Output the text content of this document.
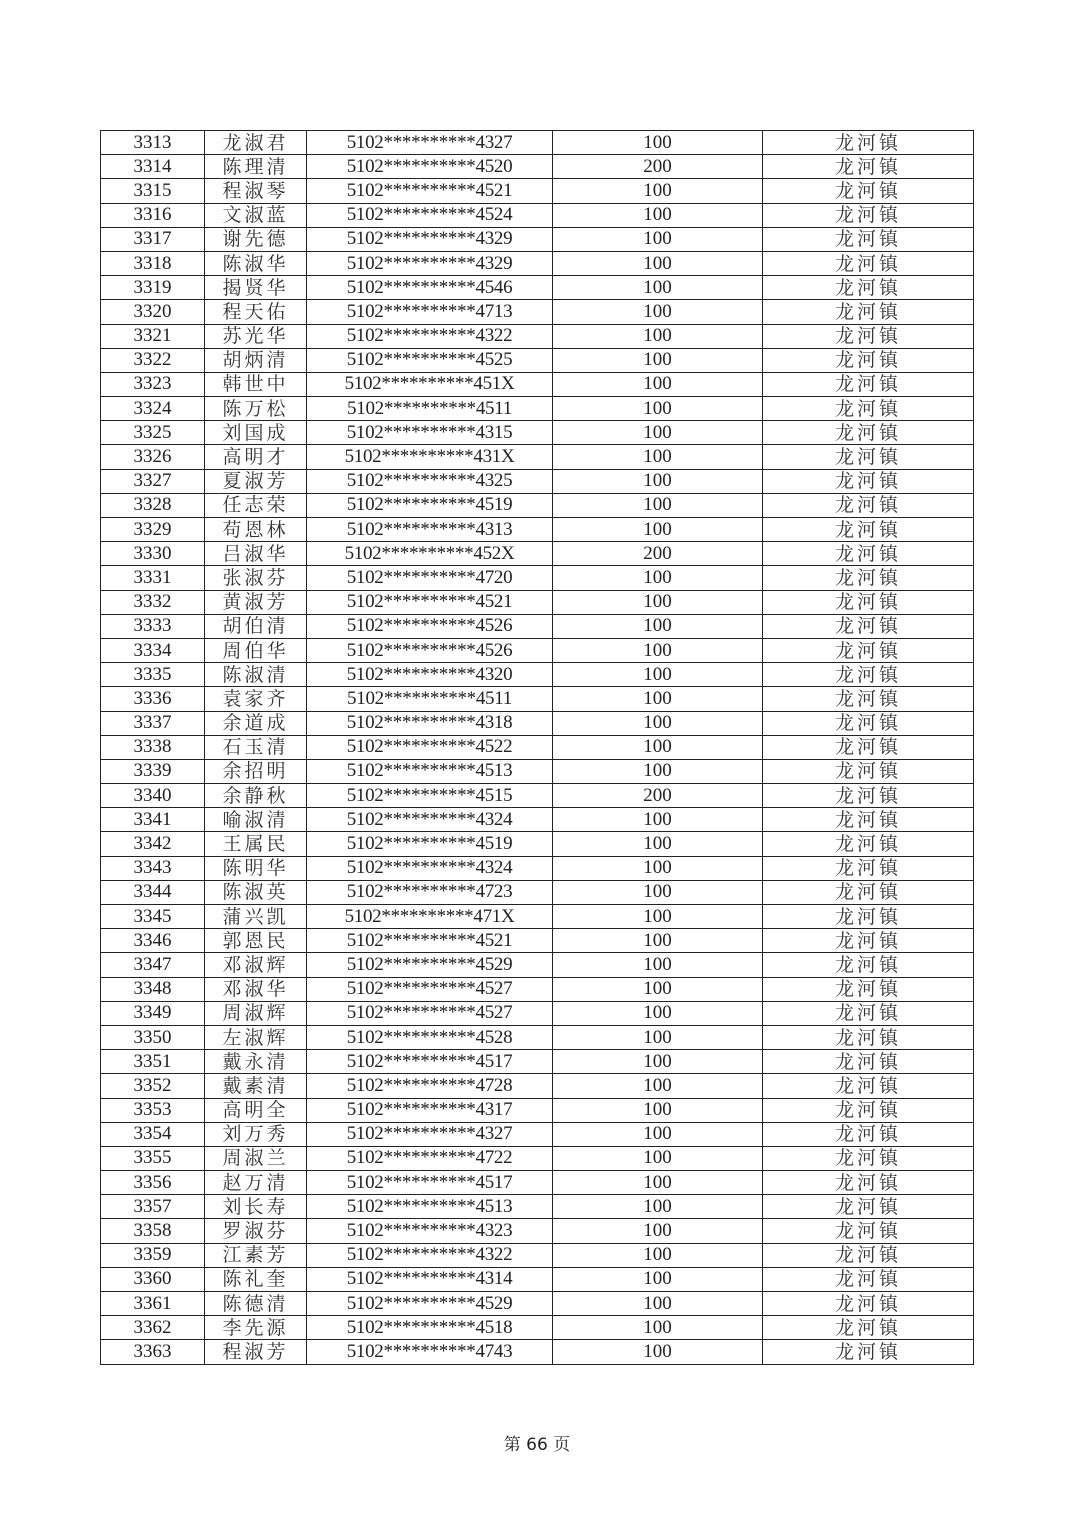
3313	龙淑君	5102**********4327	100	龙河镇
3314	陈理清	5102**********4520	200	龙河镇
3315	程淑琴	5102**********4521	100	龙河镇
3316	文淑蓝	5102**********4524	100	龙河镇
3317	谢先德	5102**********4329	100	龙河镇
3318	陈淑华	5102**********4329	100	龙河镇
3319	揭贤华	5102**********4546	100	龙河镇
3320	程天佑	5102**********4713	100	龙河镇
3321	苏光华	5102**********4322	100	龙河镇
3322	胡炳清	5102**********4525	100	龙河镇
3323	韩世中	5102**********451X	100	龙河镇
3324	陈万松	5102**********4511	100	龙河镇
3325	刘国成	5102**********4315	100	龙河镇
3326	高明才	5102**********431X	100	龙河镇
3327	夏淑芳	5102**********4325	100	龙河镇
3328	任志荣	5102**********4519	100	龙河镇
3329	苟恩林	5102**********4313	100	龙河镇
3330	吕淑华	5102**********452X	200	龙河镇
3331	张淑芬	5102**********4720	100	龙河镇
3332	黄淑芳	5102**********4521	100	龙河镇
3333	胡伯清	5102**********4526	100	龙河镇
3334	周伯华	5102**********4526	100	龙河镇
3335	陈淑清	5102**********4320	100	龙河镇
3336	袁家齐	5102**********4511	100	龙河镇
3337	余道成	5102**********4318	100	龙河镇
3338	石玉清	5102**********4522	100	龙河镇
3339	余招明	5102**********4513	100	龙河镇
3340	余静秋	5102**********4515	200	龙河镇
3341	喻淑清	5102**********4324	100	龙河镇
3342	王属民	5102**********4519	100	龙河镇
3343	陈明华	5102**********4324	100	龙河镇
3344	陈淑英	5102**********4723	100	龙河镇
3345	蒲兴凯	5102**********471X	100	龙河镇
3346	郭恩民	5102**********4521	100	龙河镇
3347	邓淑辉	5102**********4529	100	龙河镇
3348	邓淑华	5102**********4527	100	龙河镇
3349	周淑辉	5102**********4527	100	龙河镇
3350	左淑辉	5102**********4528	100	龙河镇
3351	戴永清	5102**********4517	100	龙河镇
3352	戴素清	5102**********4728	100	龙河镇
3353	高明全	5102**********4317	100	龙河镇
3354	刘万秀	5102**********4327	100	龙河镇
3355	周淑兰	5102**********4722	100	龙河镇
3356	赵万清	5102**********4517	100	龙河镇
3357	刘长寿	5102**********4513	100	龙河镇
3358	罗淑芬	5102**********4323	100	龙河镇
3359	江素芳	5102**********4322	100	龙河镇
3360	陈礼奎	5102**********4314	100	龙河镇
3361	陈德清	5102**********4529	100	龙河镇
3362	李先源	5102**********4518	100	龙河镇
3363	程淑芳	5102**********4743	100	龙河镇
第 66 页
